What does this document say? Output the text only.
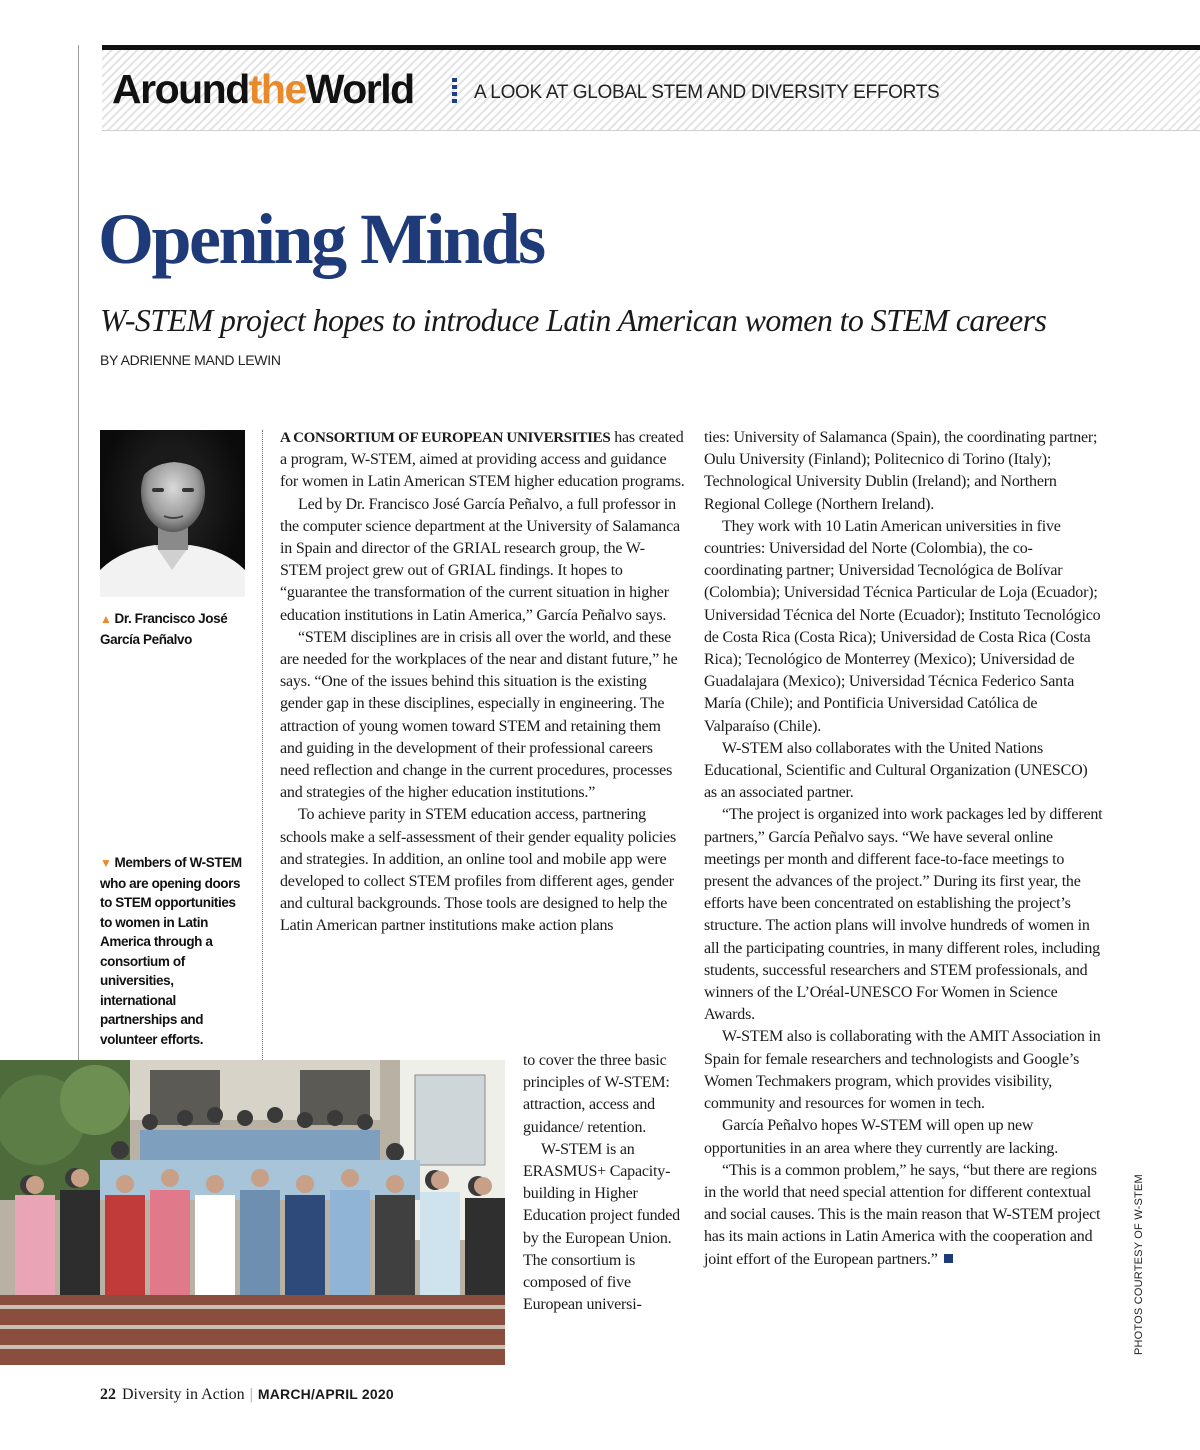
AroundtheWorld	A LOOK AT GLOBAL STEM AND DIVERSITY EFFORTS
Opening Minds
W-STEM project hopes to introduce Latin American women to STEM careers
BY ADRIENNE MAND LEWIN
▲ Dr. Francisco José García Peñalvo
▼ Members of W-STEM who are opening doors to STEM opportunities to women in Latin America through a consortium of universities, international partnerships and volunteer efforts.

A CONSORTIUM OF EUROPEAN UNIVERSITIES has created a program, W-STEM, aimed at providing access and guidance for women in Latin American STEM higher education programs.

Led by Dr. Francisco José García Peñalvo, a full professor in the computer science department at the University of Salamanca in Spain and director of the GRIAL research group, the W-STEM project grew out of GRIAL findings. It hopes to “guarantee the transformation of the current situation in higher education institutions in Latin America,” García Peñalvo says.

“STEM disciplines are in crisis all over the world, and these are needed for the workplaces of the near and distant future,” he says. “One of the issues behind this situation is the existing gender gap in these disciplines, especially in engineering. The attraction of young women toward STEM and retaining them and guiding in the development of their professional careers need reflection and change in the current procedures, processes and strategies of the higher education institutions.”

To achieve parity in STEM education access, partnering schools make a self-assessment of their gender equality policies and strategies. In addition, an online tool and mobile app were developed to collect STEM profiles from different ages, gender and cultural backgrounds. Those tools are designed to help the Latin American partner institutions make action plans

to cover the three basic principles of W-STEM: attraction, access and guidance/ retention.

W-STEM is an ERASMUS+ Capacity-building in Higher Education project funded by the European Union. The consortium is composed of five European universi-

ties: University of Salamanca (Spain), the coordinating partner; Oulu University (Finland); Politecnico di Torino (Italy); Technological University Dublin (Ireland); and Northern Regional College (Northern Ireland).

They work with 10 Latin American universities in five countries: Universidad del Norte (Colombia), the co-coordinating partner; Universidad Tecnológica de Bolívar (Colombia); Universidad Técnica Particular de Loja (Ecuador); Universidad Técnica del Norte (Ecuador); Instituto Tecnológico de Costa Rica (Costa Rica); Universidad de Costa Rica (Costa Rica); Tecnológico de Monterrey (Mexico); Universidad de Guadalajara (Mexico); Universidad Técnica Federico Santa María (Chile); and Pontificia Universidad Católica de Valparaíso (Chile).

W-STEM also collaborates with the United Nations Educational, Scientific and Cultural Organization (UNESCO) as an associated partner.

“The project is organized into work packages led by different partners,” García Peñalvo says. “We have several online meetings per month and different face-to-face meetings to present the advances of the project.” During its first year, the efforts have been concentrated on establishing the project’s structure. The action plans will involve hundreds of women in all the participating countries, in many different roles, including students, successful researchers and STEM professionals, and winners of the L’Oréal-UNESCO For Women in Science Awards.

W-STEM also is collaborating with the AMIT Association in Spain for female researchers and technologists and Google’s Women Techmakers program, which provides visibility, community and resources for women in tech.

García Peñalvo hopes W-STEM will open up new opportunities in an area where they currently are lacking.

“This is a common problem,” he says, “but there are regions in the world that need special attention for different contextual and social causes. This is the main reason that W-STEM project has its main actions in Latin America with the cooperation and joint effort of the European partners.”	PHOTOS COURTESY OF W-STEM
22 Diversity in Action | MARCH/APRIL 2020
